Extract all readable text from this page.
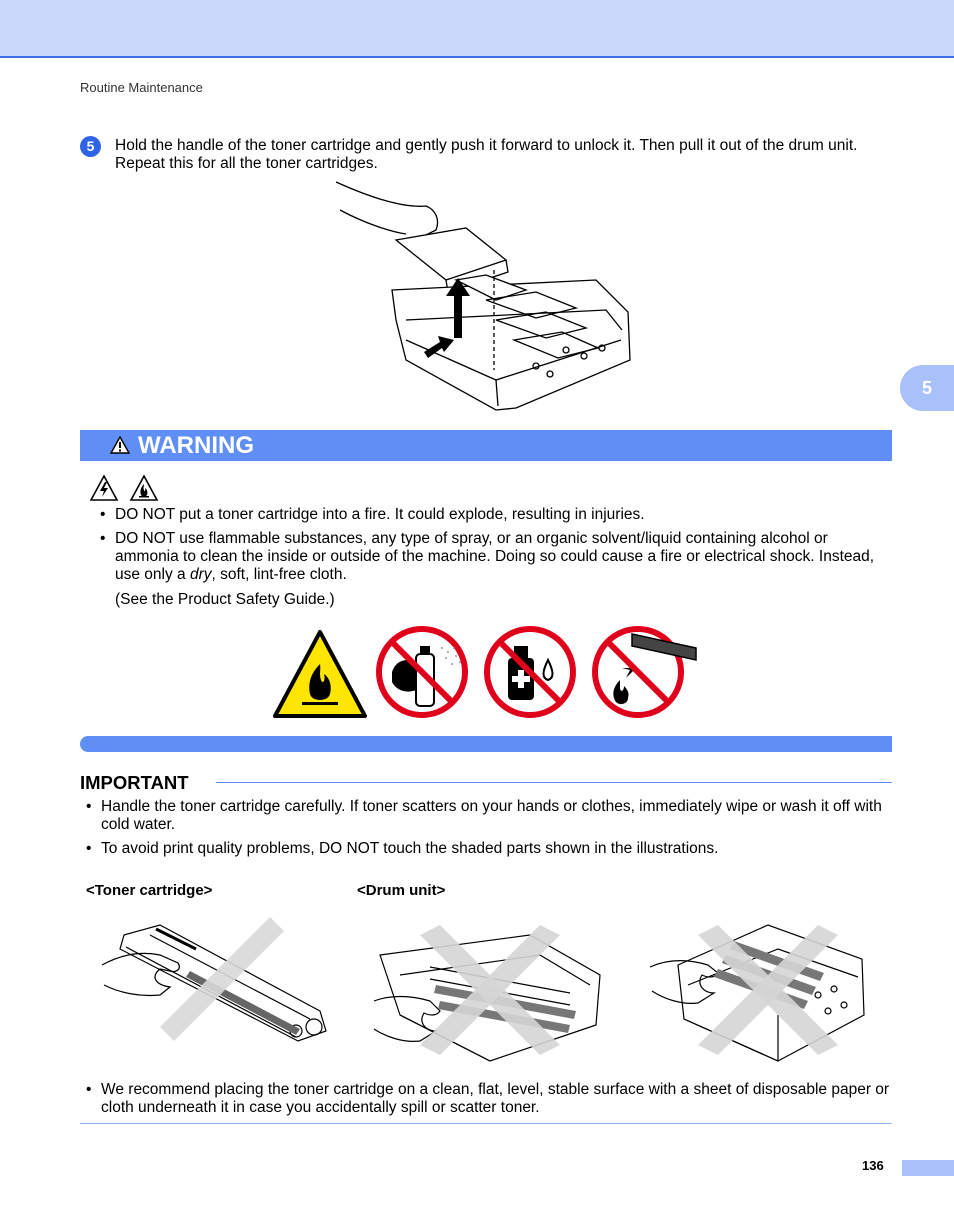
Routine Maintenance
5
5	Hold the handle of the toner cartridge and gently push it forward to unlock it. Then pull it out of the drum unit. Repeat this for all the toner cartridges.
WARNING
• DO NOT put a toner cartridge into a fire. It could explode, resulting in injuries.
• DO NOT use flammable substances, any type of spray, or an organic solvent/liquid containing alcohol or ammonia to clean the inside or outside of the machine. Doing so could cause a fire or electrical shock. Instead, use only a dry, soft, lint-free cloth.
(See the Product Safety Guide.)
IMPORTANT
• Handle the toner cartridge carefully. If toner scatters on your hands or clothes, immediately wipe or wash it off with cold water.
• To avoid print quality problems, DO NOT touch the shaded parts shown in the illustrations.
<Toner cartridge>	<Drum unit>
• We recommend placing the toner cartridge on a clean, flat, level, stable surface with a sheet of disposable paper or cloth underneath it in case you accidentally spill or scatter toner.
136
